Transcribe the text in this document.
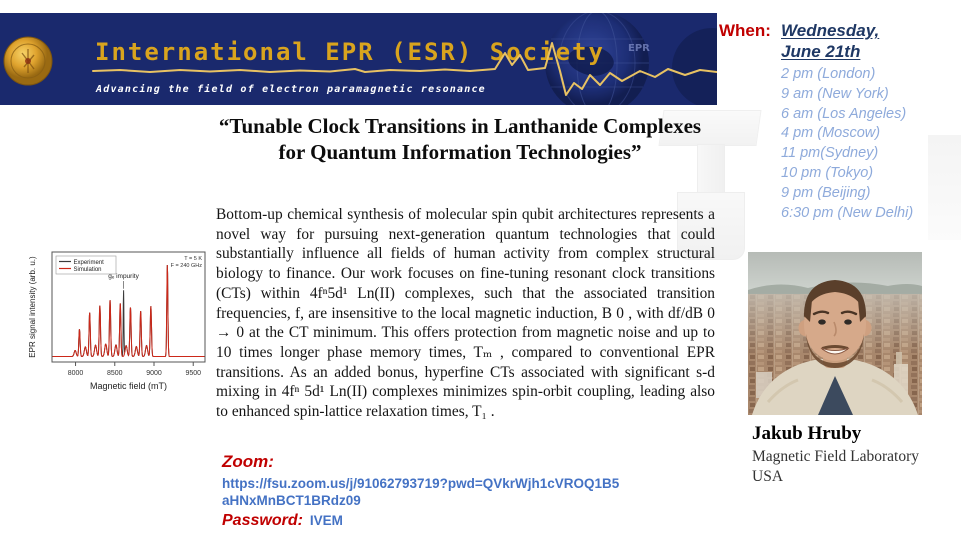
EPR
International EPR (ESR) Society
Advancing the field of electron paramagnetic resonance
When: Wednesday,
June 21th
2 pm (London)
9 am (New York)
6 am (Los Angeles)
4 pm (Moscow)
11 pm(Sydney)
10 pm (Tokyo)
9 pm (Beijing)
6:30 pm (New Delhi)
“Tunable Clock Transitions in Lanthanide Complexes
for Quantum Information Technologies”
Bottom-up chemical synthesis of molecular spin qubit architectures represents a novel way for pursuing next-generation quantum technologies that could substantially influence all fields of human activity from complex structural biology to finance. Our work focuses on fine-tuning resonant clock transitions (CTs) within 4fⁿ5d¹ Ln(II) complexes, such that the associated transition frequencies, f, are insensitive to the local magnetic induction, B 0 , with df/dB 0 → 0 at the CT minimum. This offers protection from magnetic noise and up to 10 times longer phase memory times, Tₘ , compared to conventional EPR transitions. As an added bonus, hyperfine CTs associated with significant s-d mixing in 4fⁿ 5d¹ Ln(II) complexes minimizes spin-orbit coupling, leading also to enhanced spin-lattice relaxation times, T₁ .
8000	8500	9000	9500
Magnetic field (mT)
EPR signal intensity (arb. u.)	Experiment
Simulation
T = 5 K
F = 240 GHz
gₑ impurity
Jakub Hruby
Magnetic Field Laboratory
USA
Zoom:
https://fsu.zoom.us/j/91062793719?pwd=QVkrWjh1cVROQ1B5
aHNxMnBCT1BRdz09
Password: IVEM
